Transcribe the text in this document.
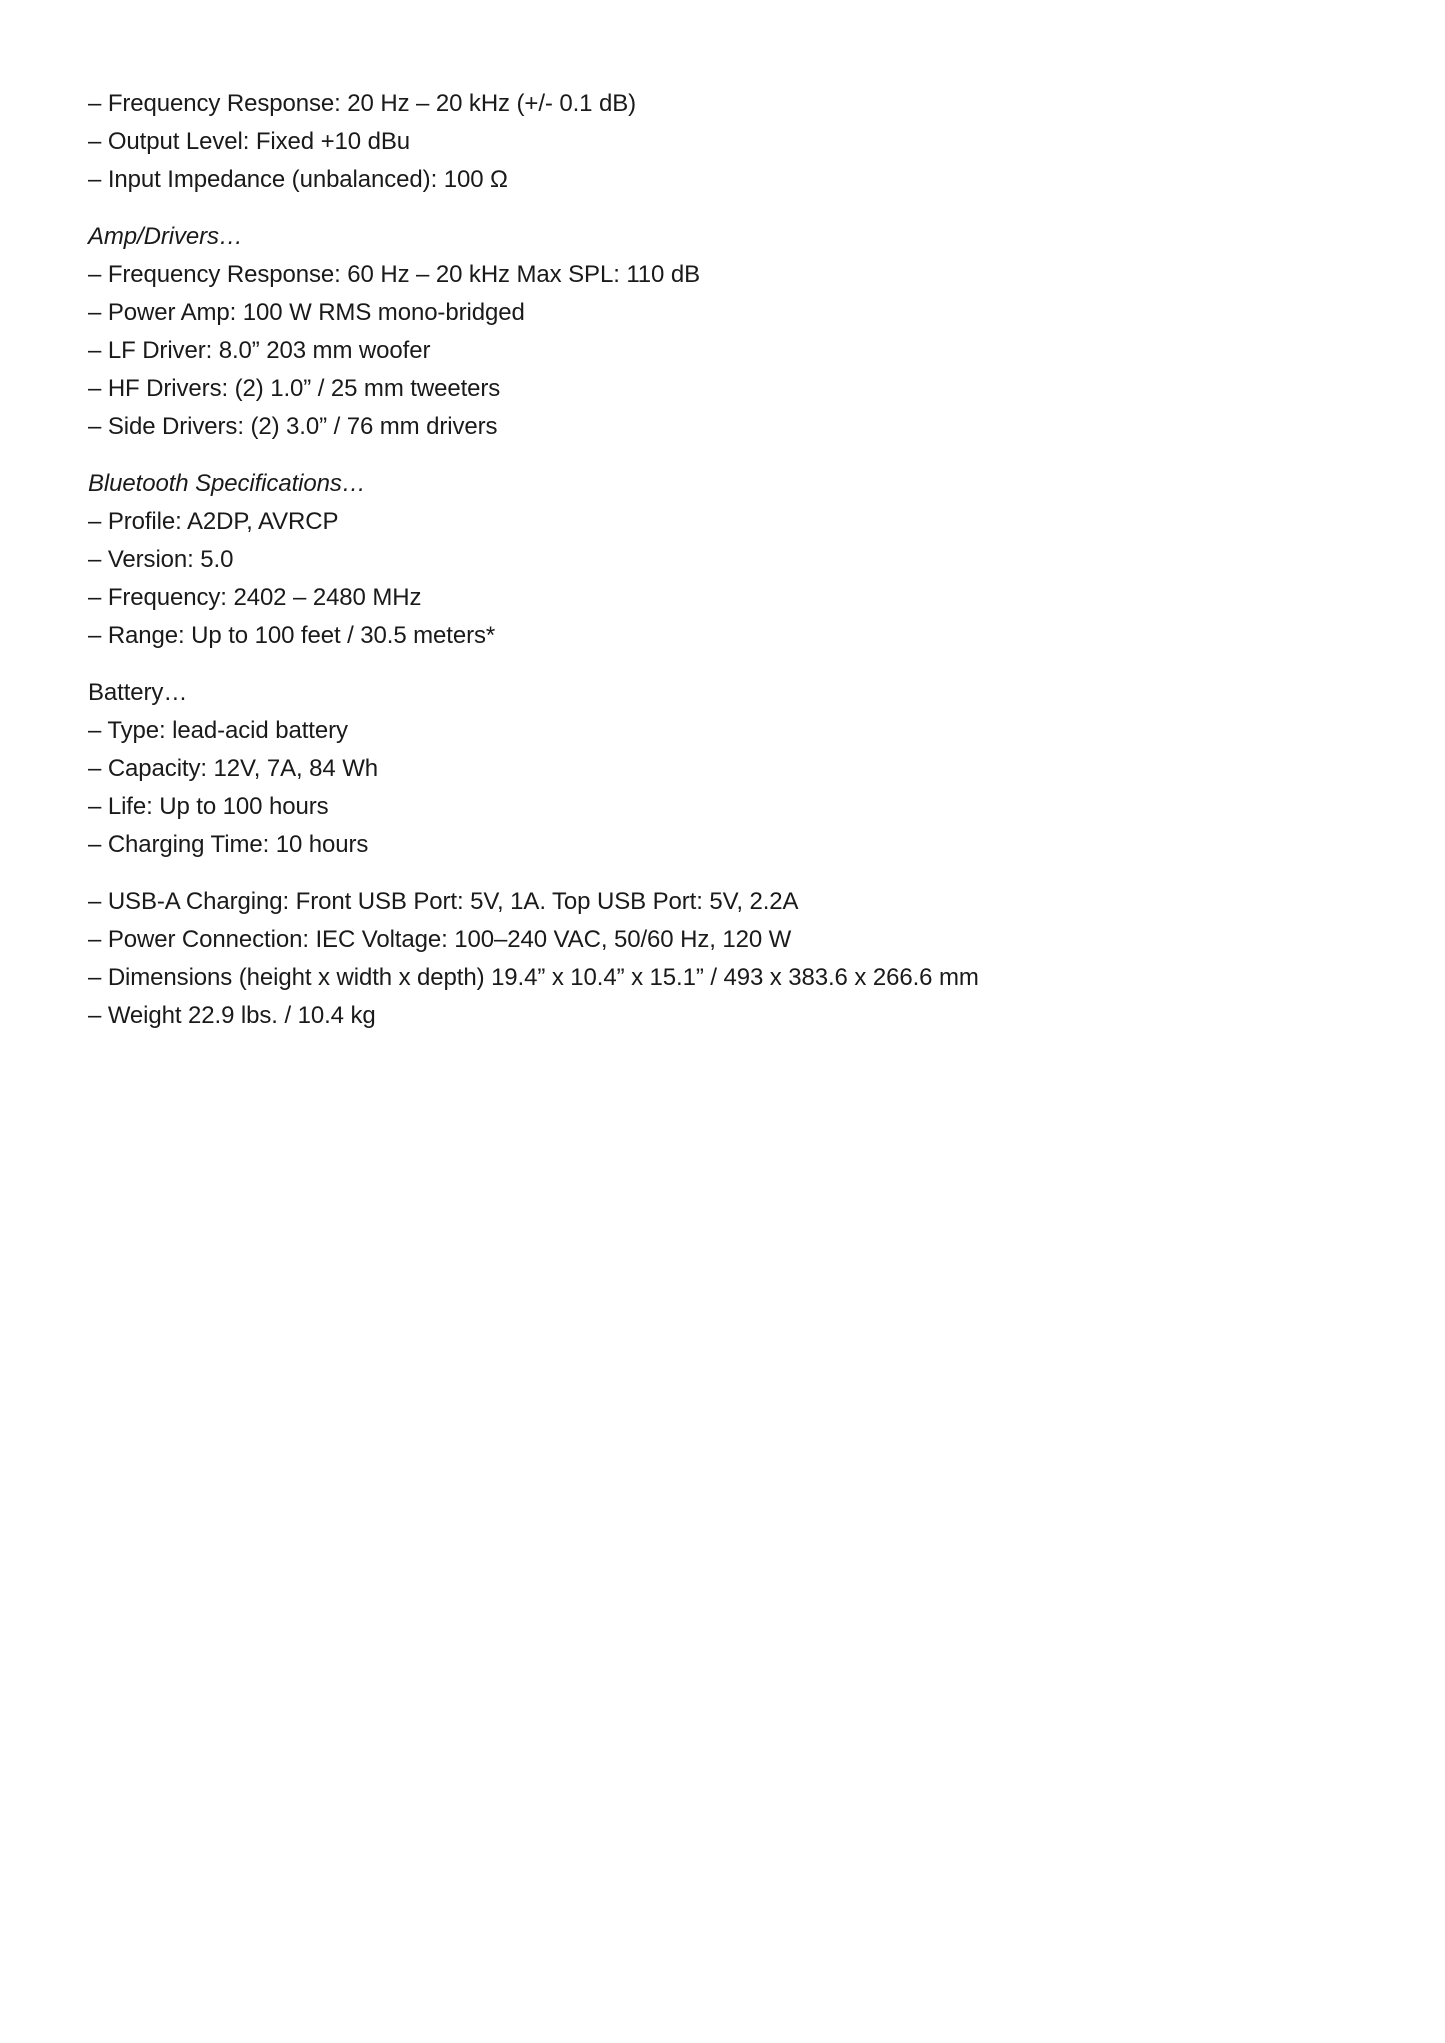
– Frequency Response: 20 Hz – 20 kHz (+/- 0.1 dB)
– Output Level: Fixed +10 dBu
– Input Impedance (unbalanced): 100 Ω
Amp/Drivers…
– Frequency Response: 60 Hz – 20 kHz Max SPL: 110 dB
– Power Amp: 100 W RMS mono-bridged
– LF Driver: 8.0” 203 mm woofer
– HF Drivers: (2) 1.0” / 25 mm tweeters
– Side Drivers: (2) 3.0” / 76 mm drivers
Bluetooth Specifications…
– Profile: A2DP, AVRCP
– Version: 5.0
– Frequency: 2402 – 2480 MHz
– Range: Up to 100 feet / 30.5 meters*
Battery…
– Type: lead-acid battery
– Capacity: 12V, 7A, 84 Wh
– Life: Up to 100 hours
– Charging Time: 10 hours
– USB-A Charging: Front USB Port: 5V, 1A. Top USB Port: 5V, 2.2A
– Power Connection: IEC Voltage: 100–240 VAC, 50/60 Hz, 120 W
– Dimensions (height x width x depth) 19.4” x 10.4” x 15.1” / 493 x 383.6 x 266.6 mm
– Weight 22.9 lbs. / 10.4 kg
